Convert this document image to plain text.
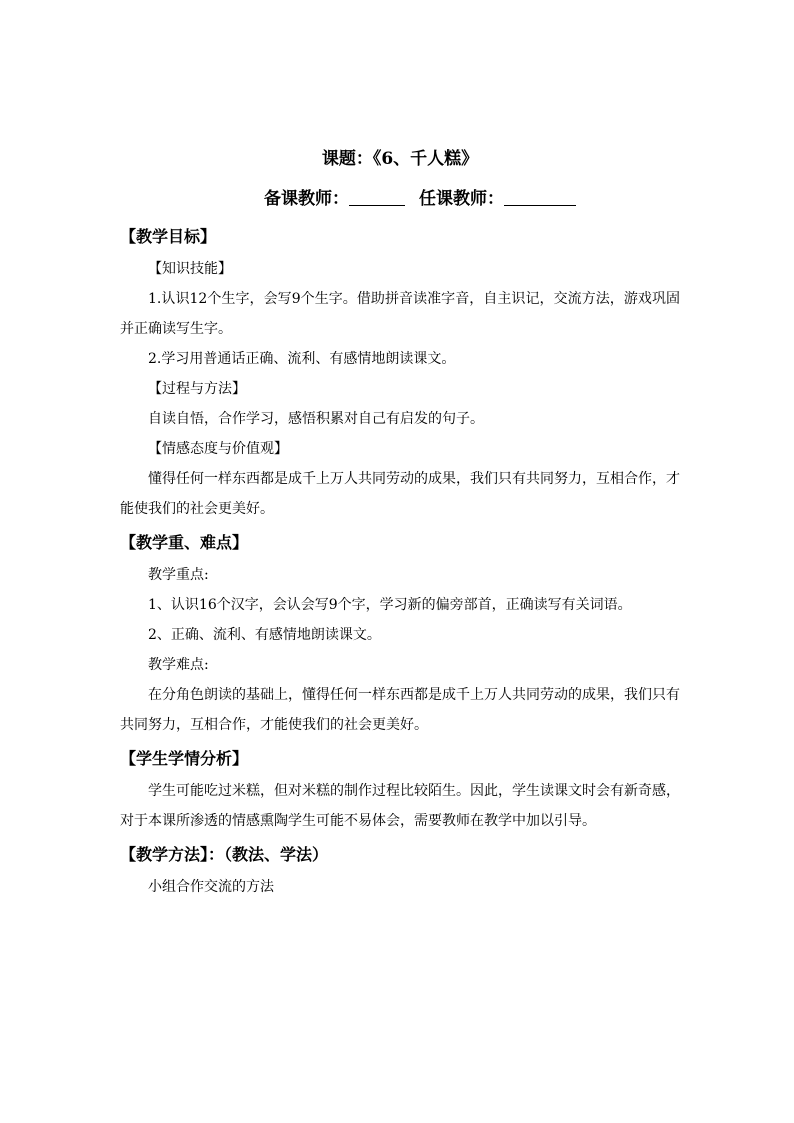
课题：《6、千人糕》
备课教师：	任课教师：
【教学目标】
【知识技能】

1.认识12个生字，会写9个生字。借助拼音读准字音，自主识记，交流方法，游戏巩固并正确读写生字。

2.学习用普通话正确、流利、有感情地朗读课文。

【过程与方法】

自读自悟，合作学习，感悟积累对自己有启发的句子。

【情感态度与价值观】

懂得任何一样东西都是成千上万人共同劳动的成果，我们只有共同努力，互相合作，才能使我们的社会更美好。

【教学重、难点】
教学重点:

1、认识16个汉字，会认会写9个字，学习新的偏旁部首，正确读写有关词语。

2、正确、流利、有感情地朗读课文。

教学难点:

在分角色朗读的基础上，懂得任何一样东西都是成千上万人共同劳动的成果，我们只有共同努力，互相合作，才能使我们的社会更美好。

【学生学情分析】

学生可能吃过米糕，但对米糕的制作过程比较陌生。因此，学生读课文时会有新奇感，对于本课所渗透的情感熏陶学生可能不易体会，需要教师在教学中加以引导。

【教学方法】：（教法、学法）

小组合作交流的方法
